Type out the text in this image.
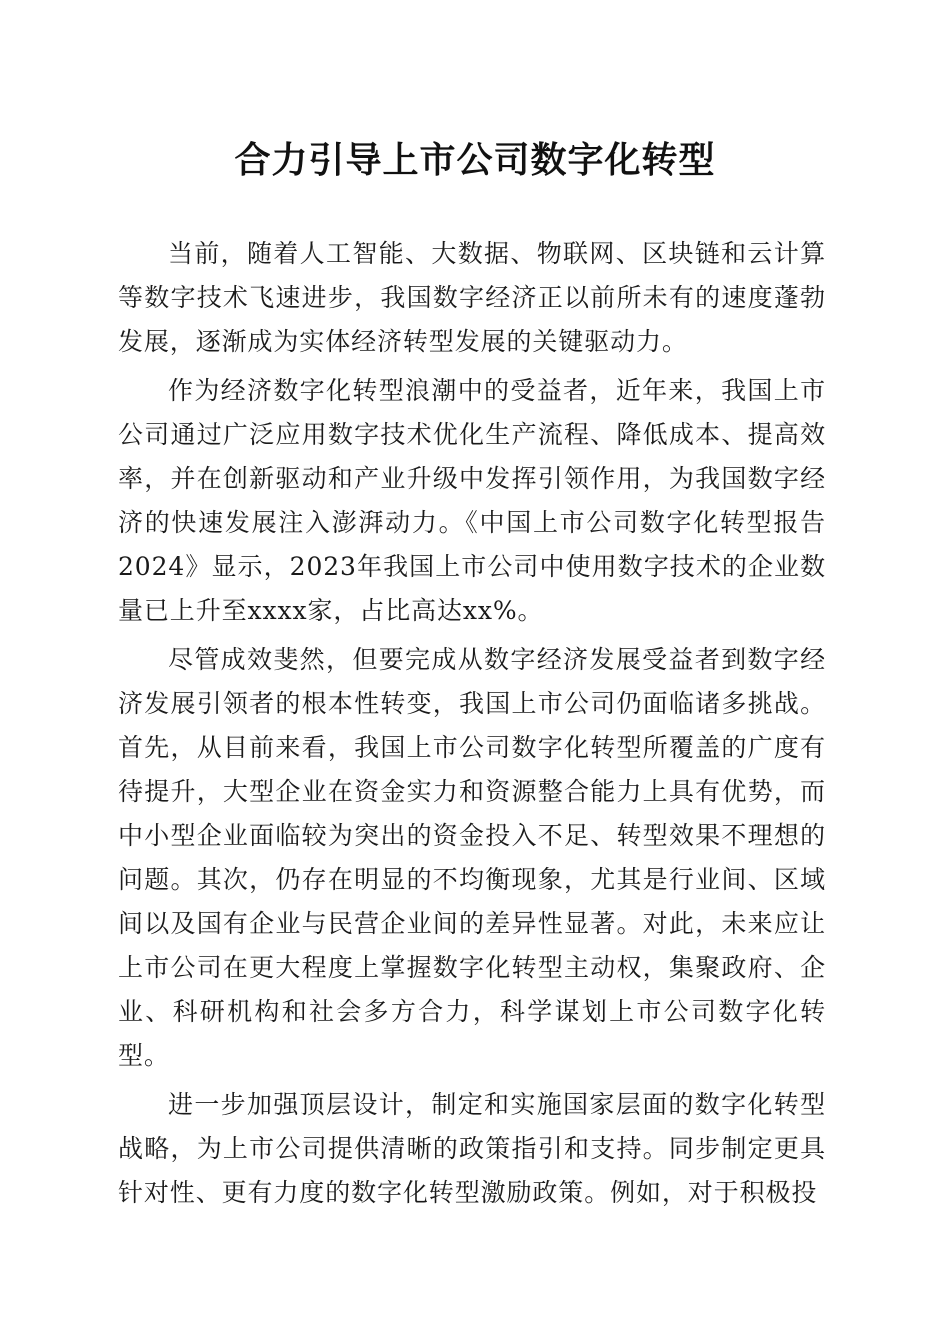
合力引导上市公司数字化转型

当前，随着人工智能、大数据、物联网、区块链和云计算等数字技术飞速进步，我国数字经济正以前所未有的速度蓬勃发展，逐渐成为实体经济转型发展的关键驱动力。

作为经济数字化转型浪潮中的受益者，近年来，我国上市公司通过广泛应用数字技术优化生产流程、降低成本、提高效率，并在创新驱动和产业升级中发挥引领作用，为我国数字经济的快速发展注入澎湃动力。《中国上市公司数字化转型报告2024》显示，2023年我国上市公司中使用数字技术的企业数量已上升至xxxx家，占比高达xx%。

尽管成效斐然，但要完成从数字经济发展受益者到数字经济发展引领者的根本性转变，我国上市公司仍面临诸多挑战。首先，从目前来看，我国上市公司数字化转型所覆盖的广度有待提升，大型企业在资金实力和资源整合能力上具有优势，而中小型企业面临较为突出的资金投入不足、转型效果不理想的问题。其次，仍存在明显的不均衡现象，尤其是行业间、区域间以及国有企业与民营企业间的差异性显著。对此，未来应让上市公司在更大程度上掌握数字化转型主动权，集聚政府、企业、科研机构和社会多方合力，科学谋划上市公司数字化转型。

进一步加强顶层设计，制定和实施国家层面的数字化转型战略，为上市公司提供清晰的政策指引和支持。同步制定更具针对性、更有力度的数字化转型激励政策。例如，对于积极投
